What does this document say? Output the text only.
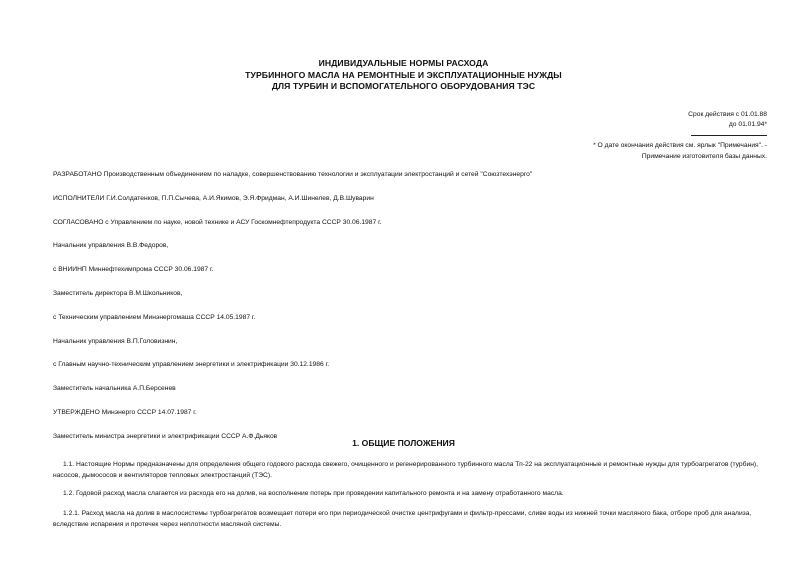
ИНДИВИДУАЛЬНЫЕ НОРМЫ РАСХОДА
ТУРБИННОГО МАСЛА НА РЕМОНТНЫЕ И ЭКСПЛУАТАЦИОННЫЕ НУЖДЫ
ДЛЯ ТУРБИН И ВСПОМОГАТЕЛЬНОГО ОБОРУДОВАНИЯ ТЭС
Срок действия с 01.01.88
до 01.01.94*
* О дате окончания действия см. ярлык "Примечания". -
Примечание изготовителя базы данных.
РАЗРАБОТАНО Производственным объединением по наладке, совершенствованию технологии и эксплуатации электростанций и сетей "Союзтехэнерго"
ИСПОЛНИТЕЛИ Г.И.Солдатенков, П.П.Сычева, А.И.Якимов, Э.Я.Фридман, А.И.Шинелев, Д.В.Шуварин
СОГЛАСОВАНО с Управлением по науке, новой технике и АСУ Госкомнефтепродукта СССР 30.06.1987 г.
Начальник управления В.В.Федоров,
с ВНИИНП Миннефтехимпрома СССР 30.06.1987 г.
Заместитель директора В.М.Школьников,
с Техническим управлением Минэнергомаша СССР 14.05.1987 г.
Начальник управления В.П.Головизнин,
с Главным научно-техническим управлением энергетики и электрификации 30.12.1986 г.
Заместитель начальника А.П.Берсенев
УТВЕРЖДЕНО Минэнерго СССР 14.07.1987 г.
Заместитель министра энергетики и электрификации СССР А.Ф.Дьяков
1. ОБЩИЕ ПОЛОЖЕНИЯ
1.1. Настоящие Нормы предназначены для определения общего годового расхода свежего, очищенного и регенерированного турбинного масла Тп-22 на эксплуатационные и ремонтные нужды для турбоагрегатов (турбин), насосов, дымососов и вентиляторов тепловых электростанций (ТЭС).
1.2. Годовой расход масла слагается из расхода его на долив, на восполнение потерь при проведении капитального ремонта и на замену отработанного масла.
1.2.1. Расход масла на долив в маслосистемы турбоагрегатов возмещает потери его при периодической очистке центрифугами и фильтр-прессами, сливе воды из нижней точки масляного бака, отборе проб для анализа, вследствие испарения и протечек через неплотности масляной системы.
